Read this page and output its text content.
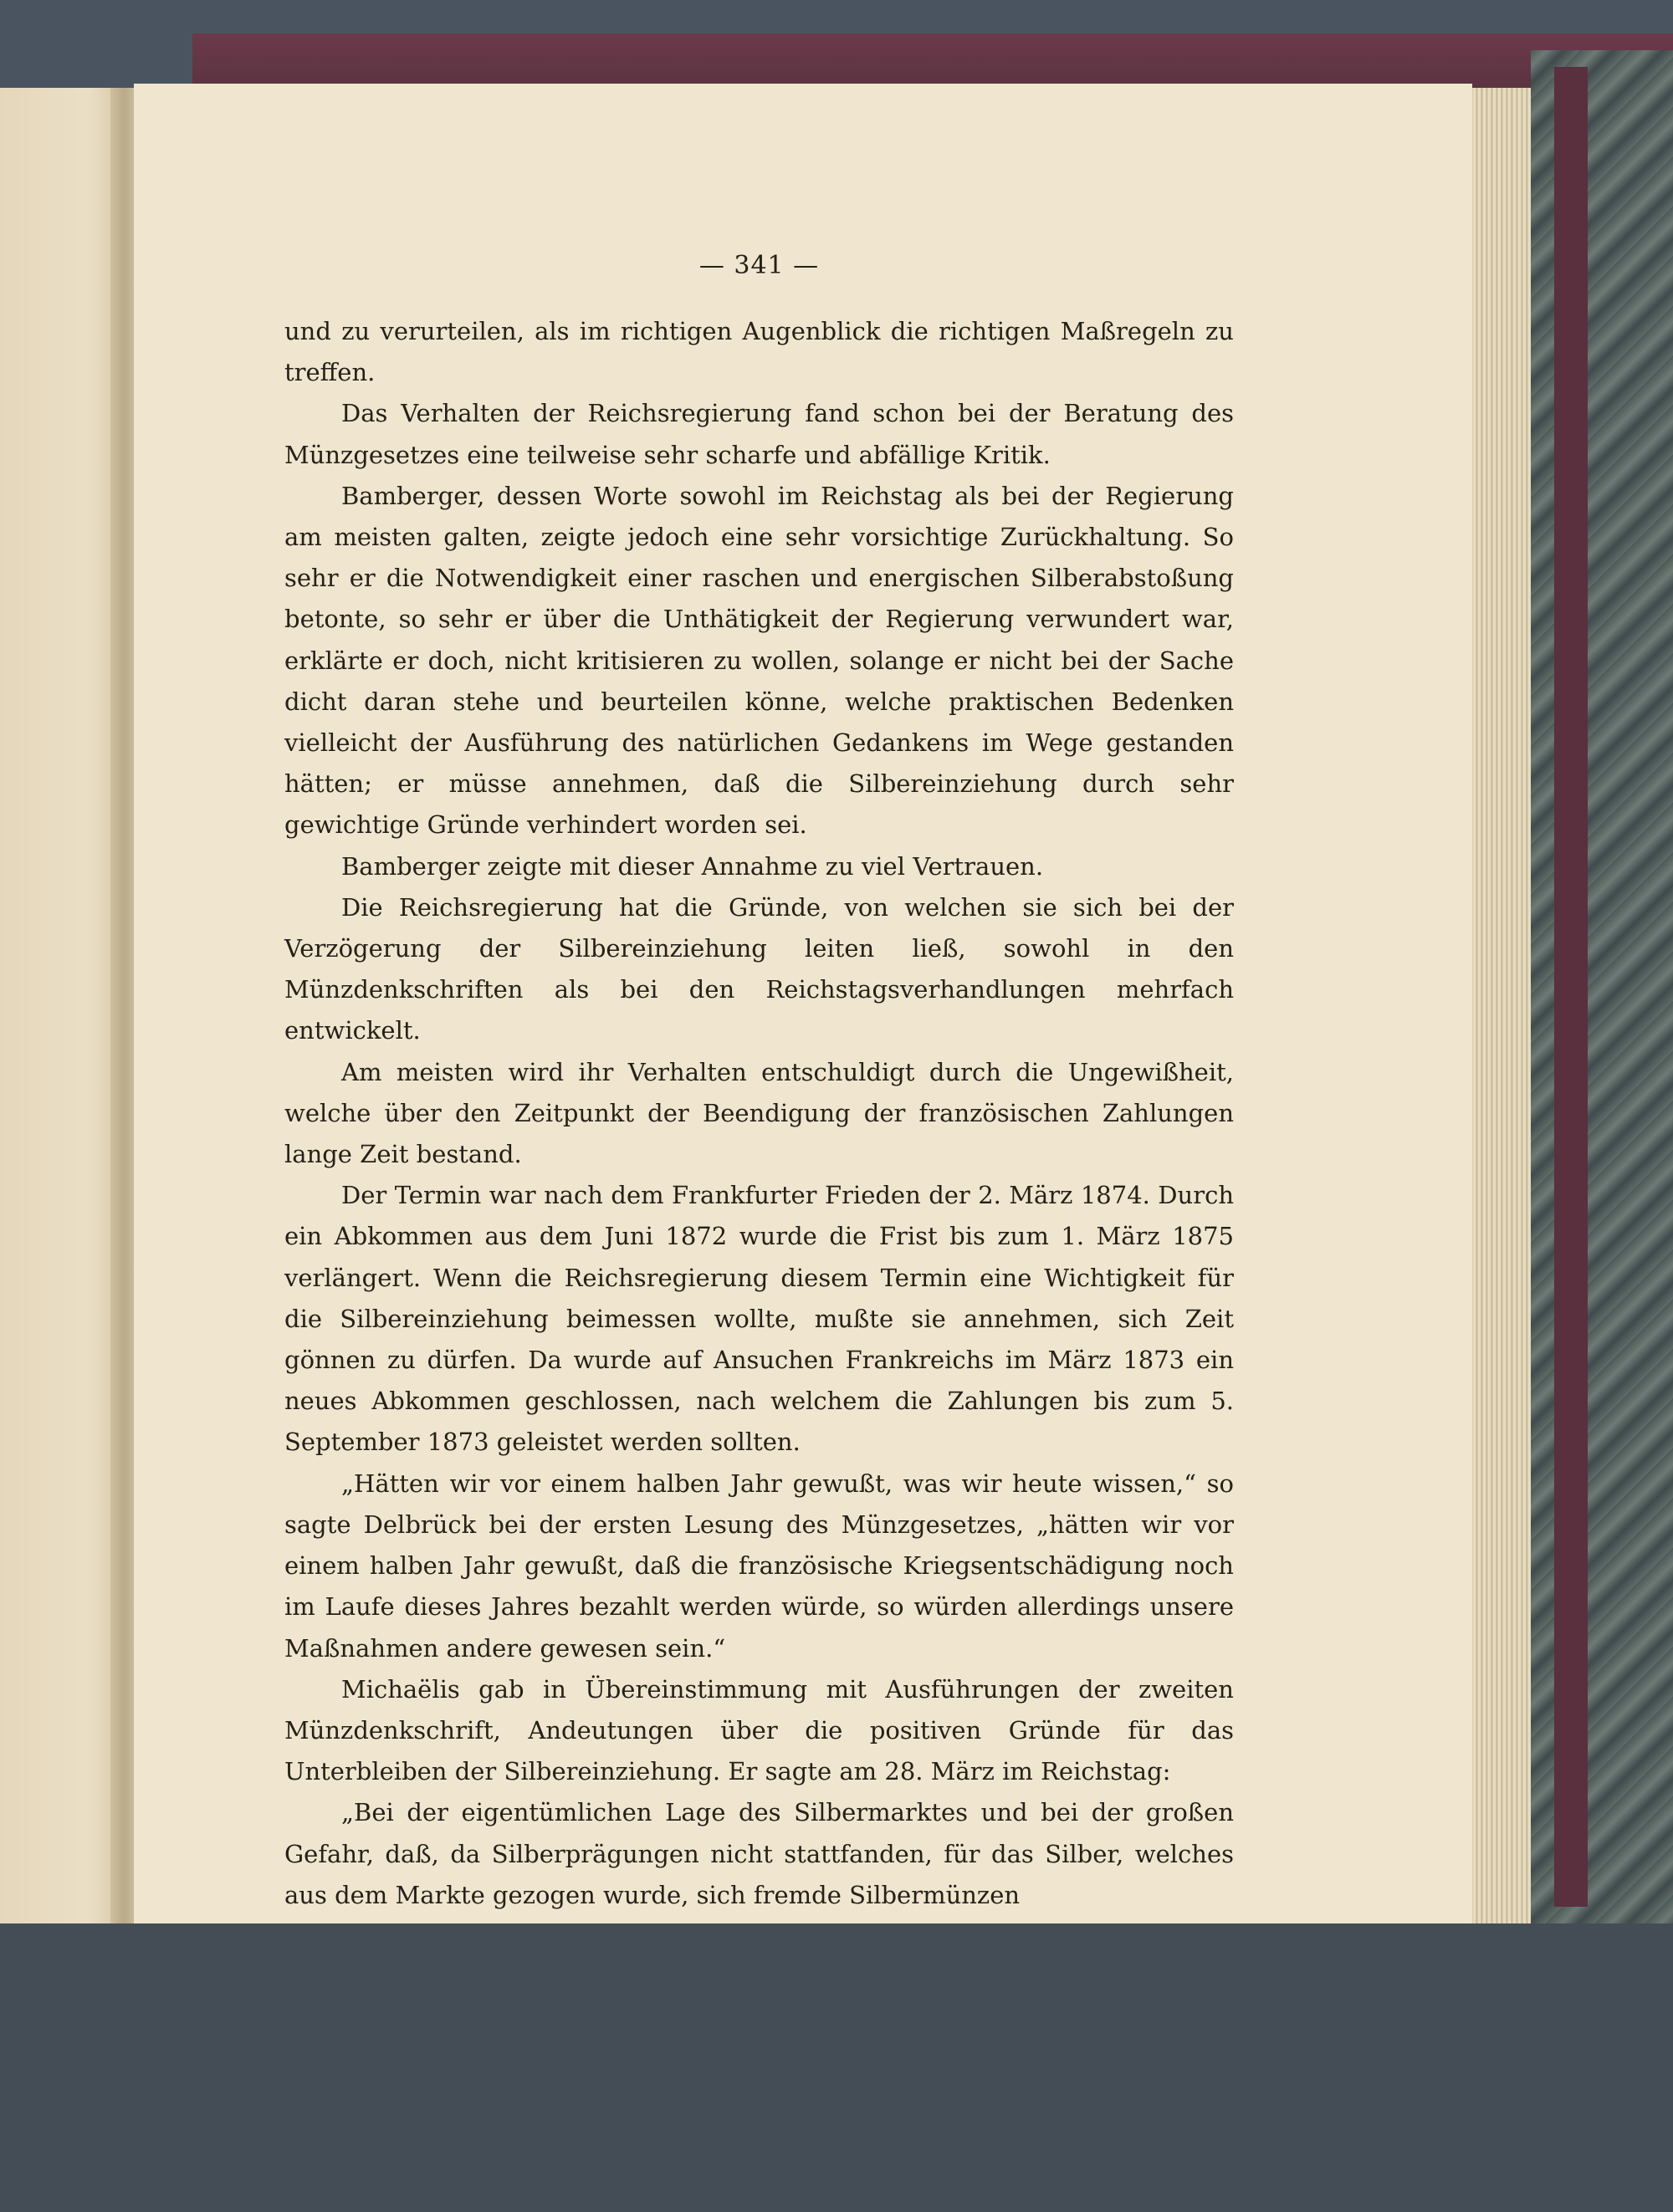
— 341 —

und zu verurteilen, als im richtigen Augenblick die richtigen Maßregeln zu treffen.

Das Verhalten der Reichsregierung fand schon bei der Beratung des Münzgesetzes eine teilweise sehr scharfe und abfällige Kritik.

Bamberger, dessen Worte sowohl im Reichstag als bei der Regierung am meisten galten, zeigte jedoch eine sehr vorsichtige Zurückhaltung. So sehr er die Notwendigkeit einer raschen und energischen Silberabstoßung betonte, so sehr er über die Unthätigkeit der Regierung verwundert war, erklärte er doch, nicht kritisieren zu wollen, solange er nicht bei der Sache dicht daran stehe und beurteilen könne, welche praktischen Bedenken vielleicht der Ausführung des natürlichen Gedankens im Wege gestanden hätten; er müsse annehmen, daß die Silbereinziehung durch sehr gewichtige Gründe verhindert worden sei.

Bamberger zeigte mit dieser Annahme zu viel Vertrauen.

Die Reichsregierung hat die Gründe, von welchen sie sich bei der Verzögerung der Silbereinziehung leiten ließ, sowohl in den Münzdenkschriften als bei den Reichstagsverhandlungen mehrfach entwickelt.

Am meisten wird ihr Verhalten entschuldigt durch die Ungewißheit, welche über den Zeitpunkt der Beendigung der französischen Zahlungen lange Zeit bestand.

Der Termin war nach dem Frankfurter Frieden der 2. März 1874. Durch ein Abkommen aus dem Juni 1872 wurde die Frist bis zum 1. März 1875 verlängert. Wenn die Reichsregierung diesem Termin eine Wichtigkeit für die Silbereinziehung beimessen wollte, mußte sie annehmen, sich Zeit gönnen zu dürfen. Da wurde auf Ansuchen Frankreichs im März 1873 ein neues Abkommen geschlossen, nach welchem die Zahlungen bis zum 5. September 1873 geleistet werden sollten.

„Hätten wir vor einem halben Jahr gewußt, was wir heute wissen,“ so sagte Delbrück bei der ersten Lesung des Münzgesetzes, „hätten wir vor einem halben Jahr gewußt, daß die französische Kriegsentschädigung noch im Laufe dieses Jahres bezahlt werden würde, so würden allerdings unsere Maßnahmen andere gewesen sein.“

Michaëlis gab in Übereinstimmung mit Ausführungen der zweiten Münzdenkschrift, Andeutungen über die positiven Gründe für das Unterbleiben der Silbereinziehung. Er sagte am 28. März im Reichstag:

„Bei der eigentümlichen Lage des Silbermarktes und bei der großen Gefahr, daß, da Silberprägungen nicht stattfanden, für das Silber, welches aus dem Markte gezogen wurde, sich fremde Silbermünzen
